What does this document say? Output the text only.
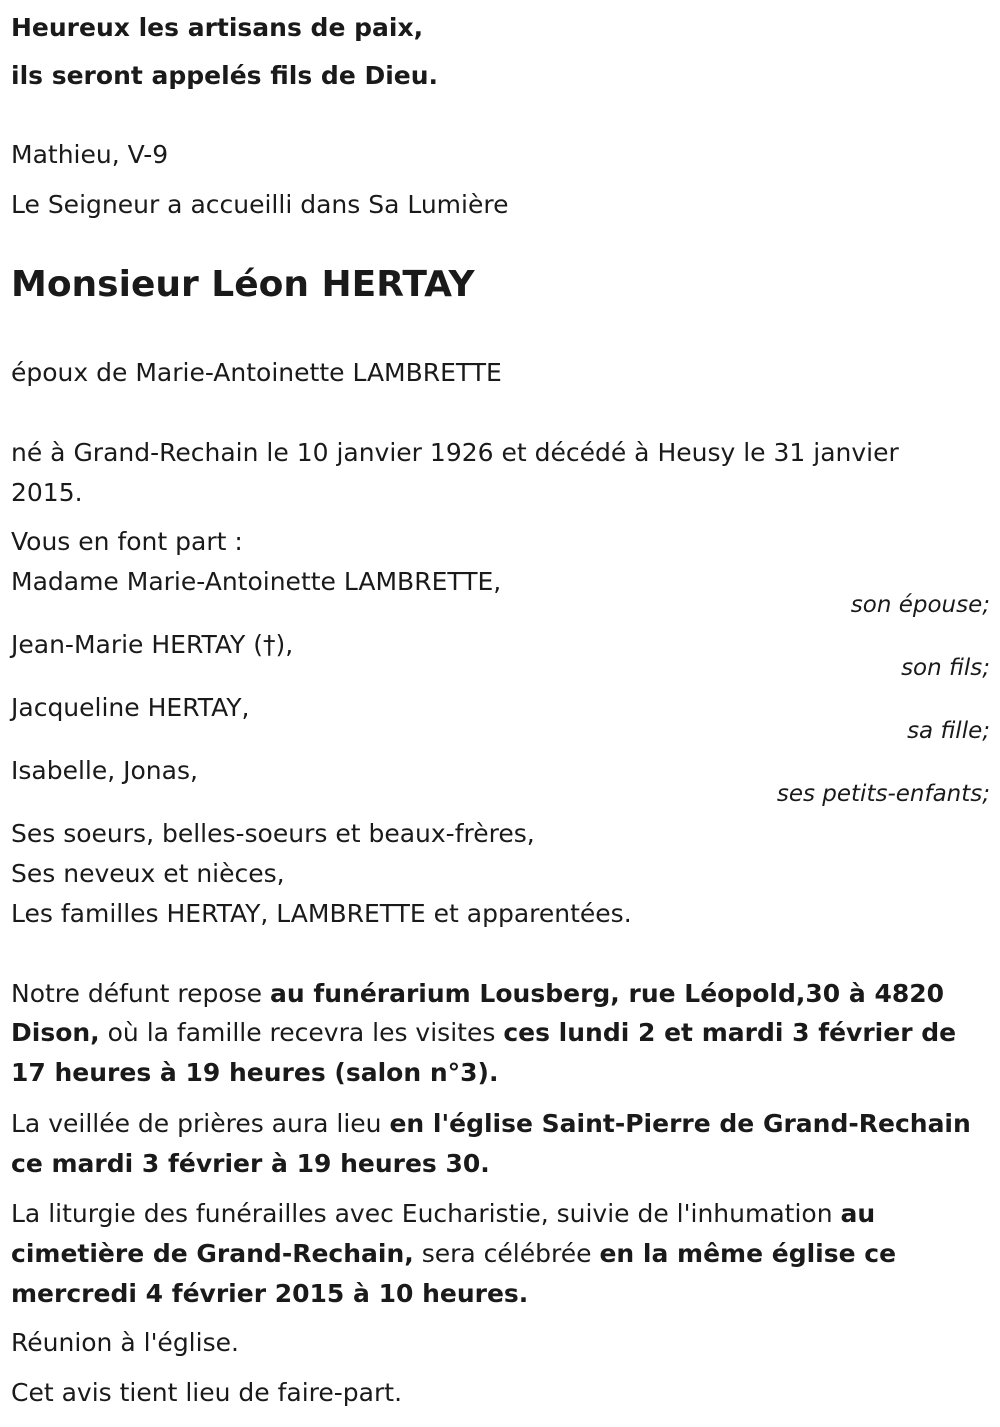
Heureux les artisans de paix,

ils seront appelés fils de Dieu.

Mathieu, V-9

Le Seigneur a accueilli dans Sa Lumière

Monsieur Léon HERTAY

époux de Marie-Antoinette LAMBRETTE

né à Grand-Rechain le 10 janvier 1926 et décédé à Heusy le 31 janvier

2015.

Vous en font part :

Madame Marie-Antoinette LAMBRETTE,

son épouse;

Jean-Marie HERTAY (†),

son fils;

Jacqueline HERTAY,

sa fille;

Isabelle, Jonas,

ses petits-enfants;

Ses soeurs, belles-soeurs et beaux-frères,

Ses neveux et nièces,

Les familles HERTAY, LAMBRETTE et apparentées.

Notre défunt repose au funérarium Lousberg, rue Léopold,30 à 4820

Dison, où la famille recevra les visites ces lundi 2 et mardi 3 février de

17 heures à 19 heures (salon n°3).

La veillée de prières aura lieu en l'église Saint-Pierre de Grand-Rechain

ce mardi 3 février à 19 heures 30.

La liturgie des funérailles avec Eucharistie, suivie de l'inhumation au

cimetière de Grand-Rechain, sera célébrée en la même église ce

mercredi 4 février 2015 à 10 heures.

Réunion à l'église.

Cet avis tient lieu de faire-part.
